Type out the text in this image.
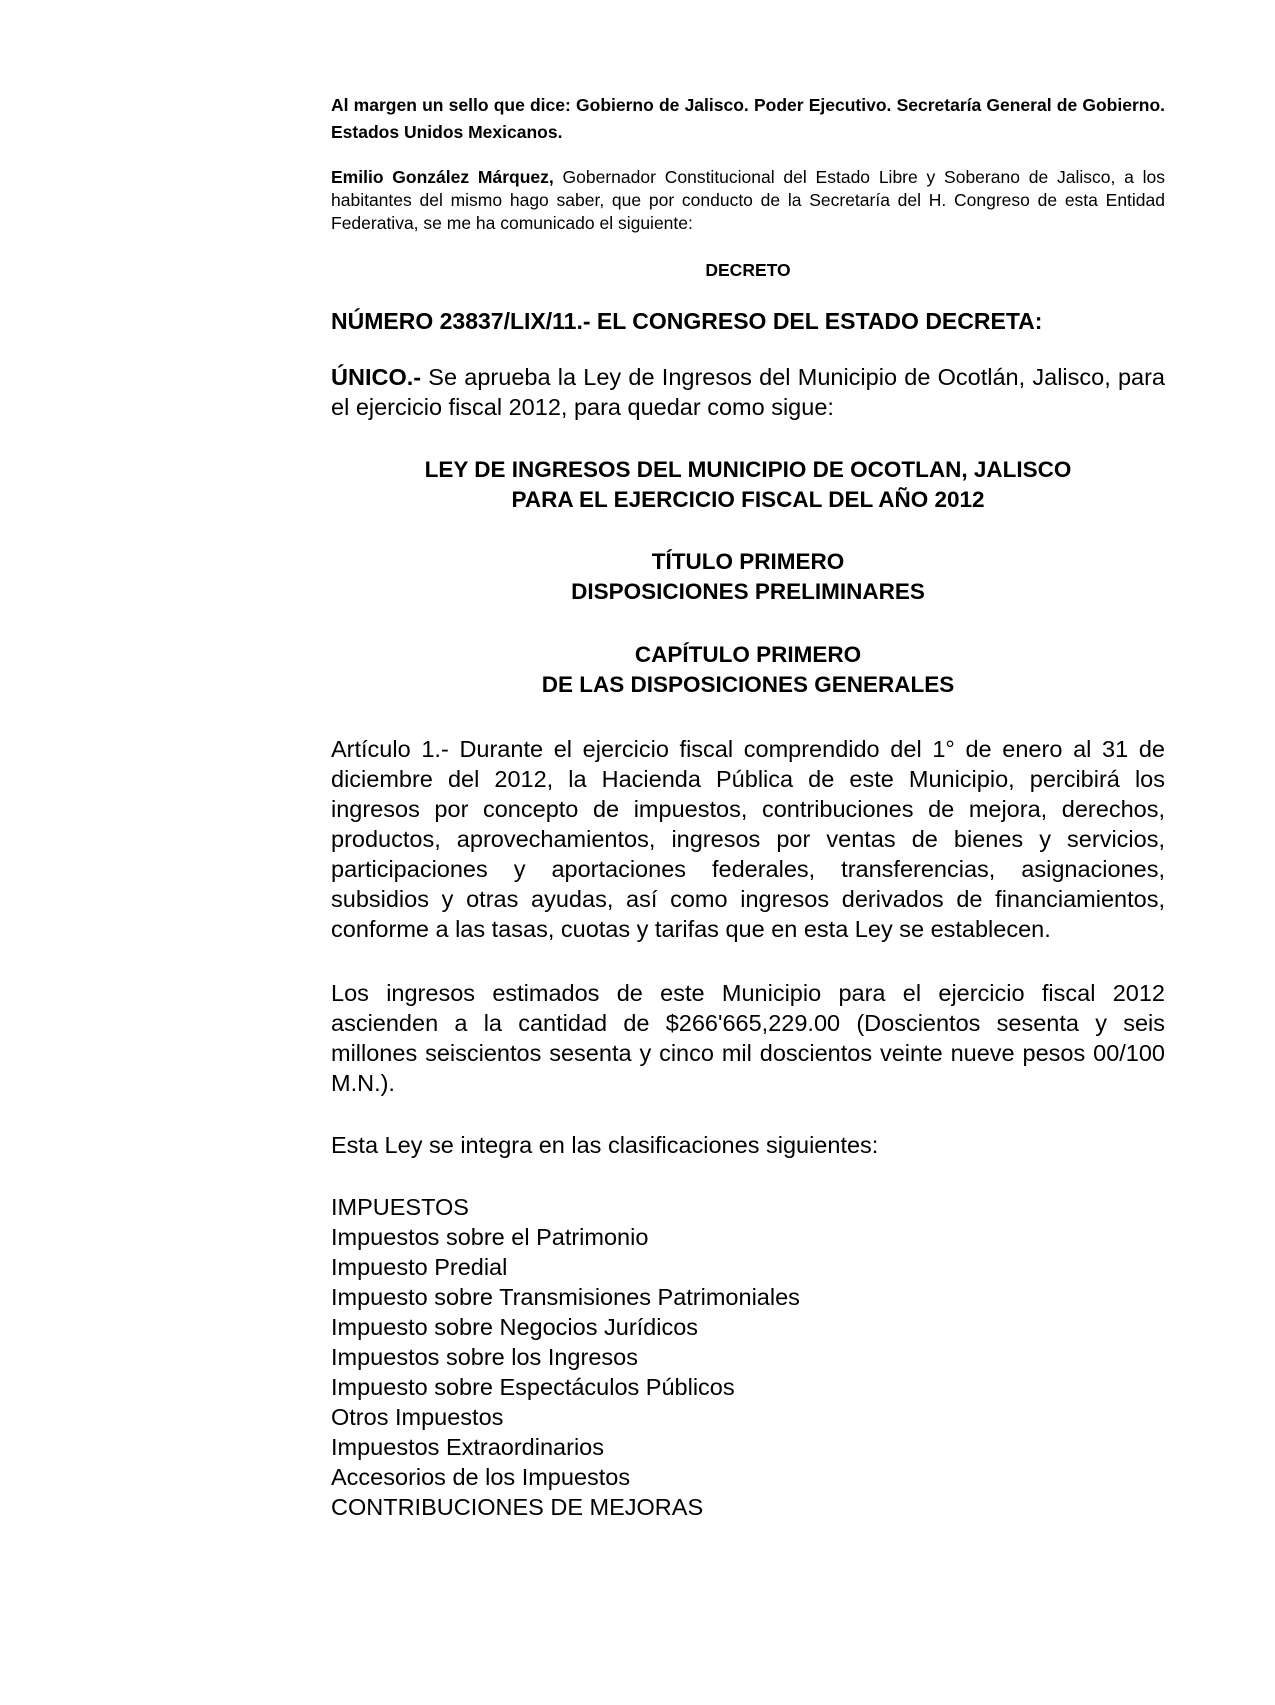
Al margen un sello que dice: Gobierno de Jalisco. Poder Ejecutivo. Secretaría General de Gobierno. Estados Unidos Mexicanos.

Emilio González Márquez, Gobernador Constitucional del Estado Libre y Soberano de Jalisco, a los habitantes del mismo hago saber, que por conducto de la Secretaría del H. Congreso de esta Entidad Federativa, se me ha comunicado el siguiente:

DECRETO

NÚMERO 23837/LIX/11.- EL CONGRESO DEL ESTADO DECRETA:

ÚNICO.- Se aprueba la Ley de Ingresos del Municipio de Ocotlán, Jalisco, para el ejercicio fiscal 2012, para quedar como sigue:

LEY DE INGRESOS DEL MUNICIPIO DE OCOTLAN, JALISCO

PARA EL EJERCICIO FISCAL DEL AÑO 2012

TÍTULO PRIMERO

DISPOSICIONES PRELIMINARES

CAPÍTULO PRIMERO

DE LAS DISPOSICIONES GENERALES

Artículo 1.- Durante el ejercicio fiscal comprendido del 1° de enero al 31 de diciembre del 2012, la Hacienda Pública de este Municipio, percibirá los ingresos por concepto de impuestos, contribuciones de mejora, derechos, productos, aprovechamientos, ingresos por ventas de bienes y servicios, participaciones y aportaciones federales, transferencias, asignaciones, subsidios y otras ayudas, así como ingresos derivados de financiamientos, conforme a las tasas, cuotas y tarifas que en esta Ley se establecen.

Los ingresos estimados de este Municipio para el ejercicio fiscal 2012 ascienden a la cantidad de $266'665,229.00 (Doscientos sesenta y seis millones seiscientos sesenta y cinco mil doscientos veinte nueve pesos 00/100 M.N.).

Esta Ley se integra en las clasificaciones siguientes:

IMPUESTOS
Impuestos sobre el Patrimonio
Impuesto Predial
Impuesto sobre Transmisiones Patrimoniales
Impuesto sobre Negocios Jurídicos
Impuestos sobre los Ingresos
Impuesto sobre Espectáculos Públicos
Otros Impuestos
Impuestos Extraordinarios
Accesorios de los Impuestos
CONTRIBUCIONES DE MEJORAS
